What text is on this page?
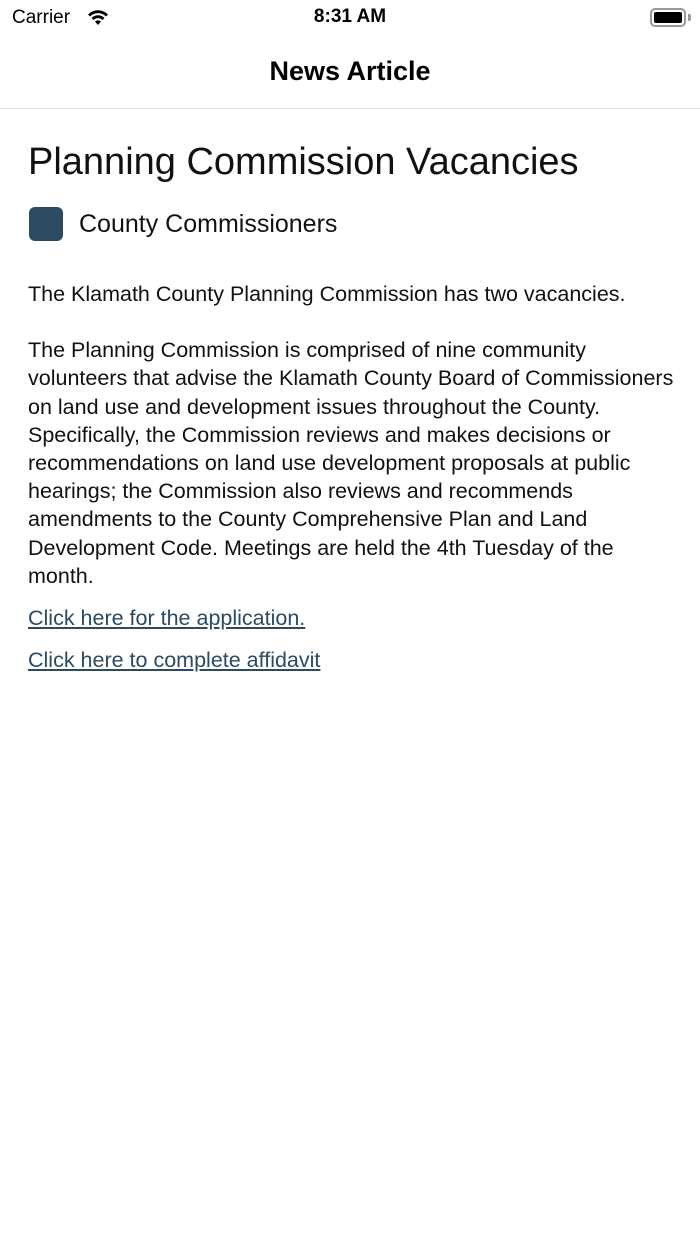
Carrier	8:31 AM
News Article
Planning Commission Vacancies
County Commissioners

The Klamath County Planning Commission has two vacancies.

The Planning Commission is comprised of nine community volunteers that advise the Klamath County Board of Commissioners on land use and development issues throughout the County. Specifically, the Commission reviews and makes decisions or recommendations on land use development proposals at public hearings; the Commission also reviews and recommends amendments to the County Comprehensive Plan and Land Development Code. Meetings are held the 4th Tuesday of the month.

Click here for the application.
Click here to complete affidavit
